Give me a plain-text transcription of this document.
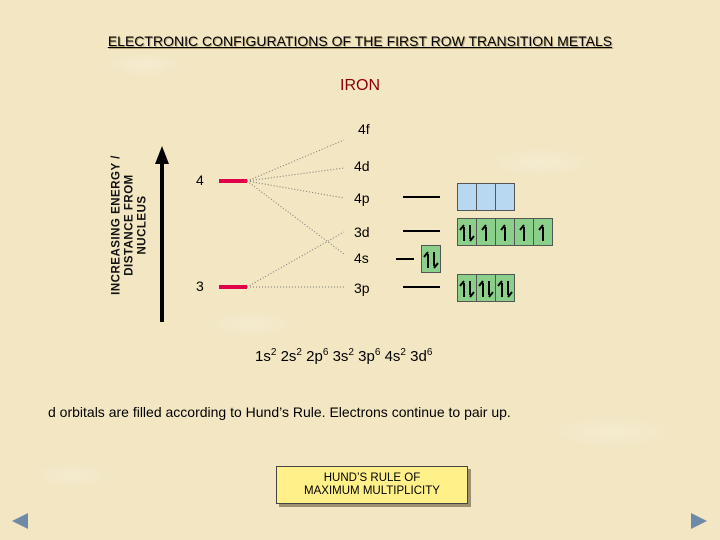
ELECTRONIC CONFIGURATIONS OF THE FIRST ROW TRANSITION METALS
IRON
INCREASING ENERGY / DISTANCE FROM NUCLEUS
4
3
4f
4d
4p
3d
4s
3p
$1s^2$ $2s^2$ $2p^6$ $3s^2$ $3p^6$ $4s^2$ $3d^6$
d orbitals are filled according to Hund’s Rule. Electrons continue to pair up.
HUND’S RULE OF
MAXIMUM MULTIPLICITY
